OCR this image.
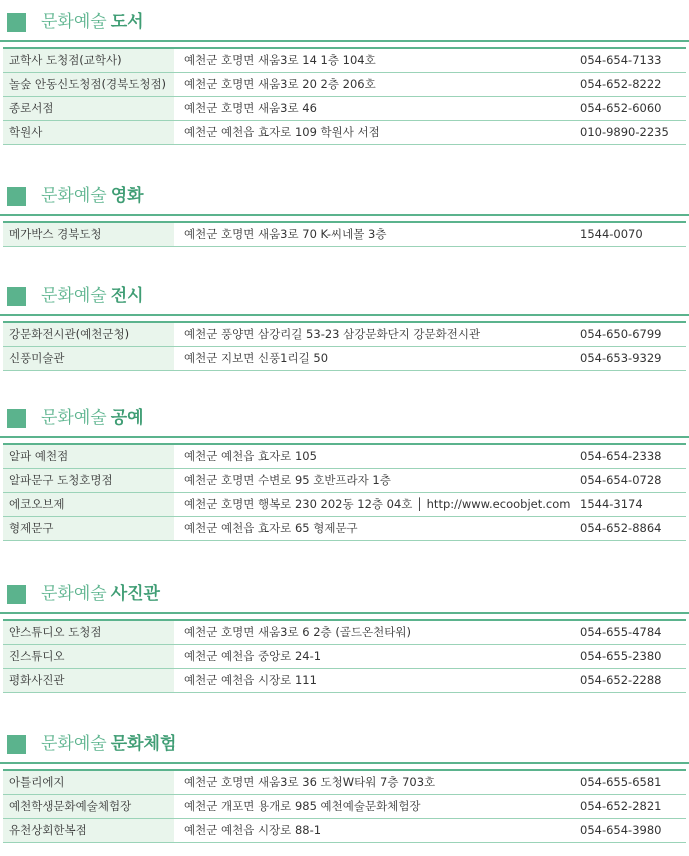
문화예술 도서
교학사 도청점(교학사)	예천군 호명면 새움3로 14 1층 104호	054-654-7133
놀숲 안동신도청점(경북도청점)	예천군 호명면 새움3로 20 2층 206호	054-652-8222
종로서점	예천군 호명면 새움3로 46	054-652-6060
학원사	예천군 예천읍 효자로 109 학원사 서점	010-9890-2235
문화예술 영화
메가박스 경북도청	예천군 호명면 새움3로 70 K-씨네몰 3층	1544-0070
문화예술 전시
강문화전시관(예천군청)	예천군 풍양면 삼강리길 53-23 삼강문화단지 강문화전시관	054-650-6799
신풍미술관	예천군 지보면 신풍1리길 50	054-653-9329
문화예술 공예
알파 예천점	예천군 예천읍 효자로 105	054-654-2338
알파문구 도청호명점	예천군 호명면 수변로 95 호반프라자 1층	054-654-0728
에코오브제	예천군 호명면 행복로 230 202동 12층 04호 │ http://www.ecoobjet.com 1544-3174
형제문구	예천군 예천읍 효자로 65 형제문구	054-652-8864
문화예술 사진관
얀스튜디오 도청점	예천군 호명면 새움3로 6 2층 (골드온천타워)	054-655-4784
진스튜디오	예천군 예천읍 중앙로 24-1	054-655-2380
평화사진관	예천군 예천읍 시장로 111	054-652-2288
문화예술 문화체험
아틀리에지	예천군 호명면 새움3로 36 도청W타워 7층 703호	054-655-6581
예천학생문화예술체험장	예천군 개포면 용개로 985 예천예술문화체험장	054-652-2821
유천상회한복점	예천군 예천읍 시장로 88-1	054-654-3980
